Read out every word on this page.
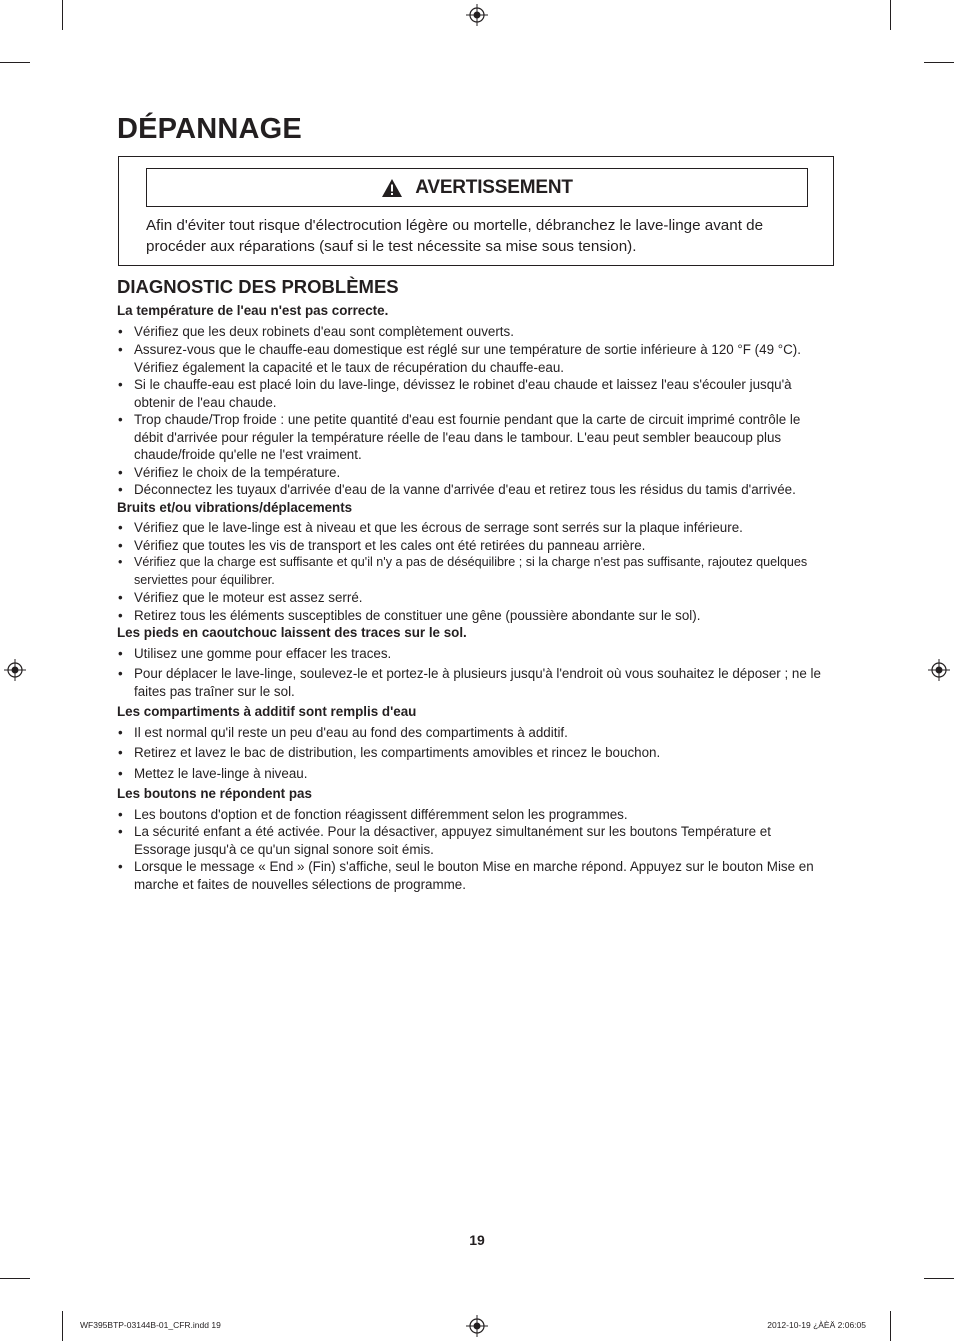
DÉPANNAGE
AVERTISSEMENT
Afin d'éviter tout risque d'électrocution légère ou mortelle, débranchez le lave-linge avant de procéder aux réparations (sauf si le test nécessite sa mise sous tension).
DIAGNOSTIC DES PROBLÈMES

La température de l'eau n'est pas correcte.

• Vérifiez que les deux robinets d'eau sont complètement ouverts.
• Assurez-vous que le chauffe-eau domestique est réglé sur une température de sortie inférieure à 120 °F (49 °C).
Vérifiez également la capacité et le taux de récupération du chauffe-eau.
• Si le chauffe-eau est placé loin du lave-linge, dévissez le robinet d'eau chaude et laissez l'eau s'écouler jusqu'à obtenir de l'eau chaude.
• Trop chaude/Trop froide : une petite quantité d'eau est fournie pendant que la carte de circuit imprimé contrôle le débit d'arrivée pour réguler la température réelle de l'eau dans le tambour. L'eau peut sembler beaucoup plus chaude/froide qu'elle ne l'est vraiment.
• Vérifiez le choix de la température.
• Déconnectez les tuyaux d'arrivée d'eau de la vanne d'arrivée d'eau et retirez tous les résidus du tamis d'arrivée.

Bruits et/ou vibrations/déplacements

• Vérifiez que le lave-linge est à niveau et que les écrous de serrage sont serrés sur la plaque inférieure.
• Vérifiez que toutes les vis de transport et les cales ont été retirées du panneau arrière.
• Vérifiez que la charge est suffisante et qu'il n'y a pas de déséquilibre ; si la charge n'est pas suffisante, rajoutez quelques serviettes pour équilibrer.
• Vérifiez que le moteur est assez serré.
• Retirez tous les éléments susceptibles de constituer une gêne (poussière abondante sur le sol).

Les pieds en caoutchouc laissent des traces sur le sol.

• Utilisez une gomme pour effacer les traces.
• Pour déplacer le lave-linge, soulevez-le et portez-le à plusieurs jusqu'à l'endroit où vous souhaitez le déposer ; ne le faites pas traîner sur le sol.

Les compartiments à additif sont remplis d'eau

• Il est normal qu'il reste un peu d'eau au fond des compartiments à additif.
• Retirez et lavez le bac de distribution, les compartiments amovibles et rincez le bouchon.
• Mettez le lave-linge à niveau.

Les boutons ne répondent pas

• Les boutons d'option et de fonction réagissent différemment selon les programmes.
• La sécurité enfant a été activée. Pour la désactiver, appuyez simultanément sur les boutons Température et Essorage jusqu'à ce qu'un signal sonore soit émis.
• Lorsque le message « End » (Fin) s'affiche, seul le bouton Mise en marche répond. Appuyez sur le bouton Mise en marche et faites de nouvelles sélections de programme.
19
WF395BTP-03144B-01_CFR.indd 19	2012-10-19 ¿ÀÈÄ 2:06:05
